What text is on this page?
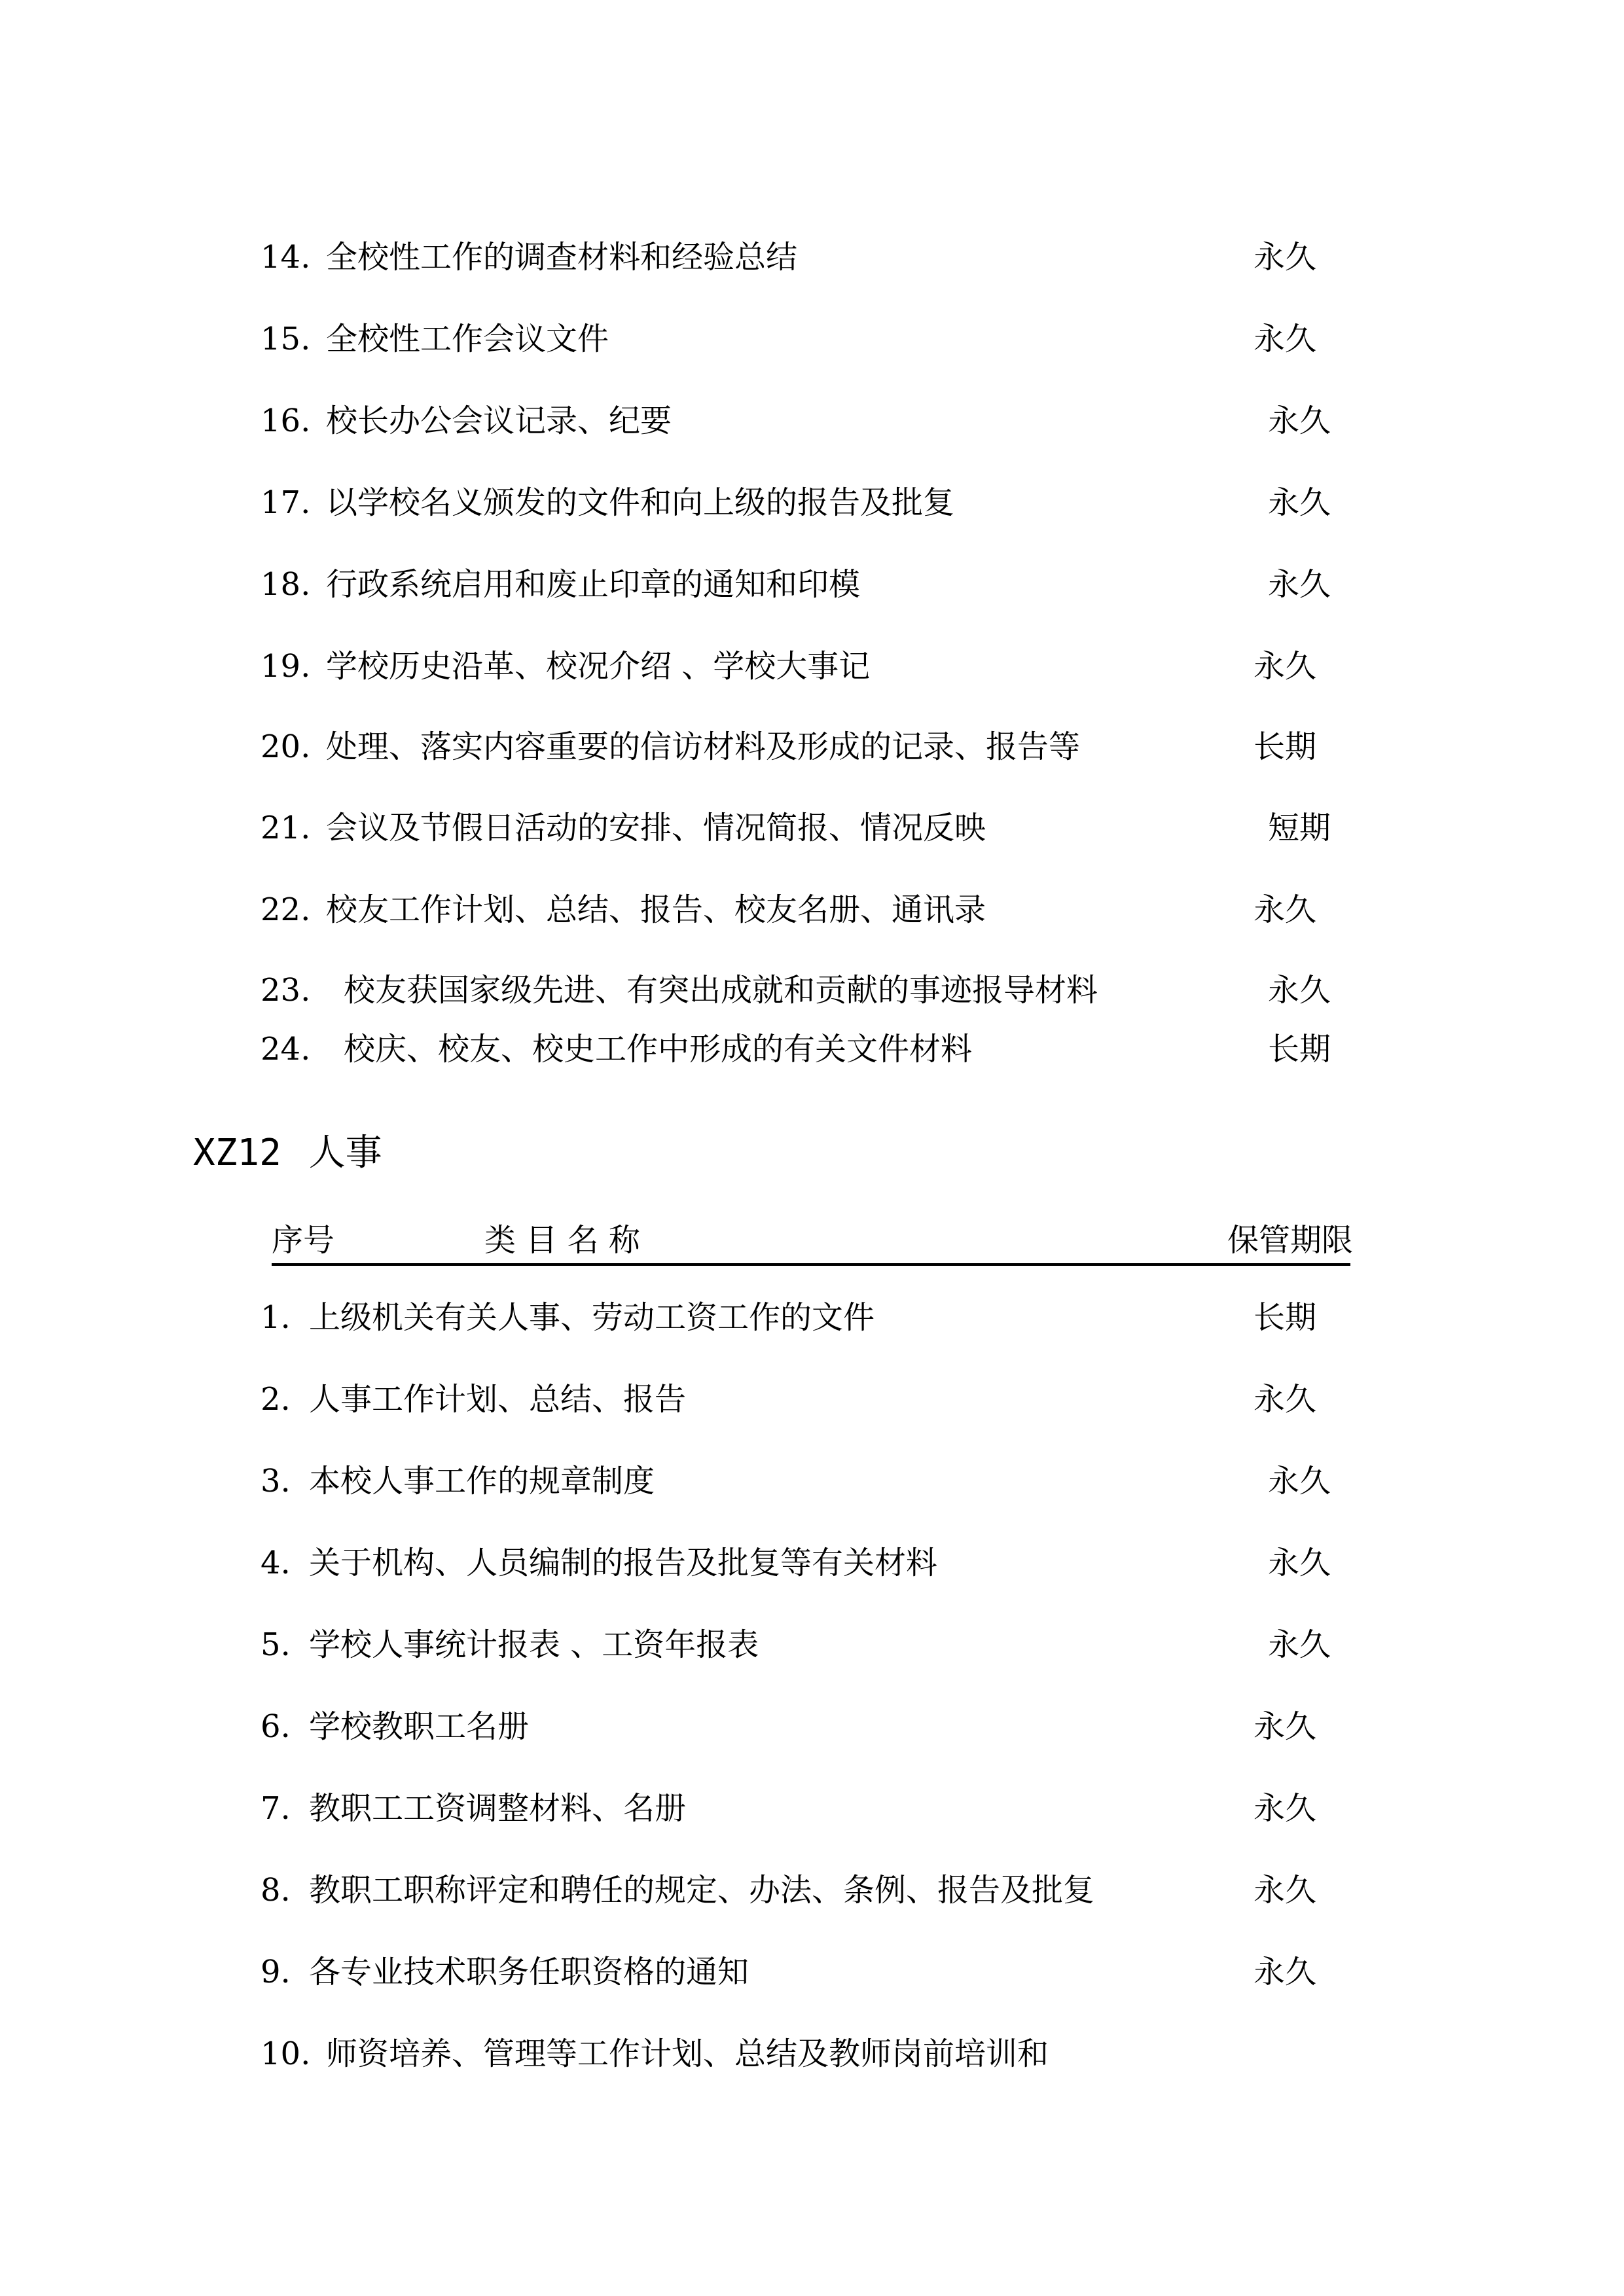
14. 全校性工作的调查材料和经验总结	永久
15. 全校性工作会议文件	永久
16. 校长办公会议记录、纪要	永久
17. 以学校名义颁发的文件和向上级的报告及批复	永久
18. 行政系统启用和废止印章的通知和印模	永久
19. 学校历史沿革、校况介绍 、学校大事记	永久
20. 处理、落实内容重要的信访材料及形成的记录、报告等	长期
21. 会议及节假日活动的安排、情况简报、情况反映	短期
22. 校友工作计划、总结、报告、校友名册、通讯录	永久
23. 校友获国家级先进、有突出成就和贡献的事迹报导材料	永久
24. 校庆、校友、校史工作中形成的有关文件材料	长期
XZ12 人事
序号	类 目 名 称	保管期限
1. 上级机关有关人事、劳动工资工作的文件	长期
2. 人事工作计划、总结、报告	永久
3. 本校人事工作的规章制度	永久
4. 关于机构、人员编制的报告及批复等有关材料	永久
5. 学校人事统计报表 、工资年报表	永久
6. 学校教职工名册	永久
7. 教职工工资调整材料、名册	永久
8. 教职工职称评定和聘任的规定、办法、条例、报告及批复	永久
9. 各专业技术职务任职资格的通知	永久
10. 师资培养、管理等工作计划、总结及教师岗前培训和
